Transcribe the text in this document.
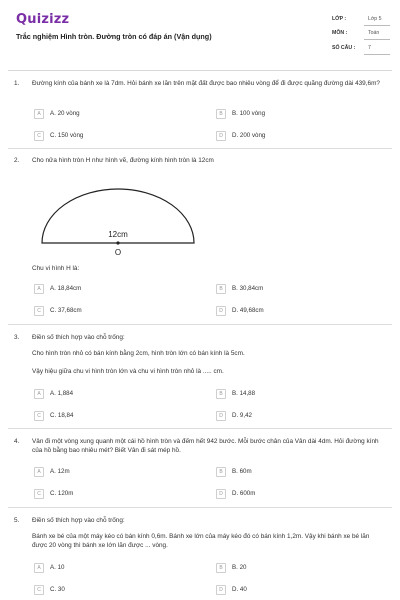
Quizizz
Trắc nghiệm Hình tròn. Đường tròn có đáp án (Vận dụng)
LỚP :	Lớp 5
MÔN :	Toán
SỐ CÂU : 7
1. Đường kính của bánh xe là 7dm. Hỏi bánh xe lăn trên mặt đất được bao nhiêu vòng để đi được quãng đường dài 439,6m?
A	A. 20 vòng	B	B. 100 vòng
C	C. 150 vòng	D	D. 200 vòng
2. Cho nửa hình tròn H như hình vẽ, đường kính hình tròn là 12cm
12cm
O
Chu vi hình H là:
A	A. 18,84cm	B	B. 30,84cm
C	C. 37,68cm	D	D. 49,68cm
3. Điền số thích hợp vào chỗ trống:
Cho hình tròn nhỏ có bán kính bằng 2cm, hình tròn lớn có bán kính là 5cm.
Vậy hiệu giữa chu vi hình tròn lớn và chu vi hình tròn nhỏ là ..... cm.
A	A. 1,884	B	B. 14,88
C	C. 18,84	D	D. 9,42
4. Vân đi một vòng xung quanh một cái hồ hình tròn và đếm hết 942 bước. Mỗi bước chân của Vân dài 4dm. Hỏi đường kính của hồ bằng bao nhiêu mét? Biết Vân đi sát mép hồ.
A	A. 12m	B	B. 60m
C	C. 120m	D	D. 600m
5. Điền số thích hợp vào chỗ trống:
Bánh xe bé của một máy kéo có bán kính 0,6m. Bánh xe lớn của máy kéo đó có bán kính 1,2m. Vậy khi bánh xe bé lăn được 20 vòng thì bánh xe lớn lăn được ... vòng.
A	A. 10	B	B. 20
C	C. 30	D	D. 40
